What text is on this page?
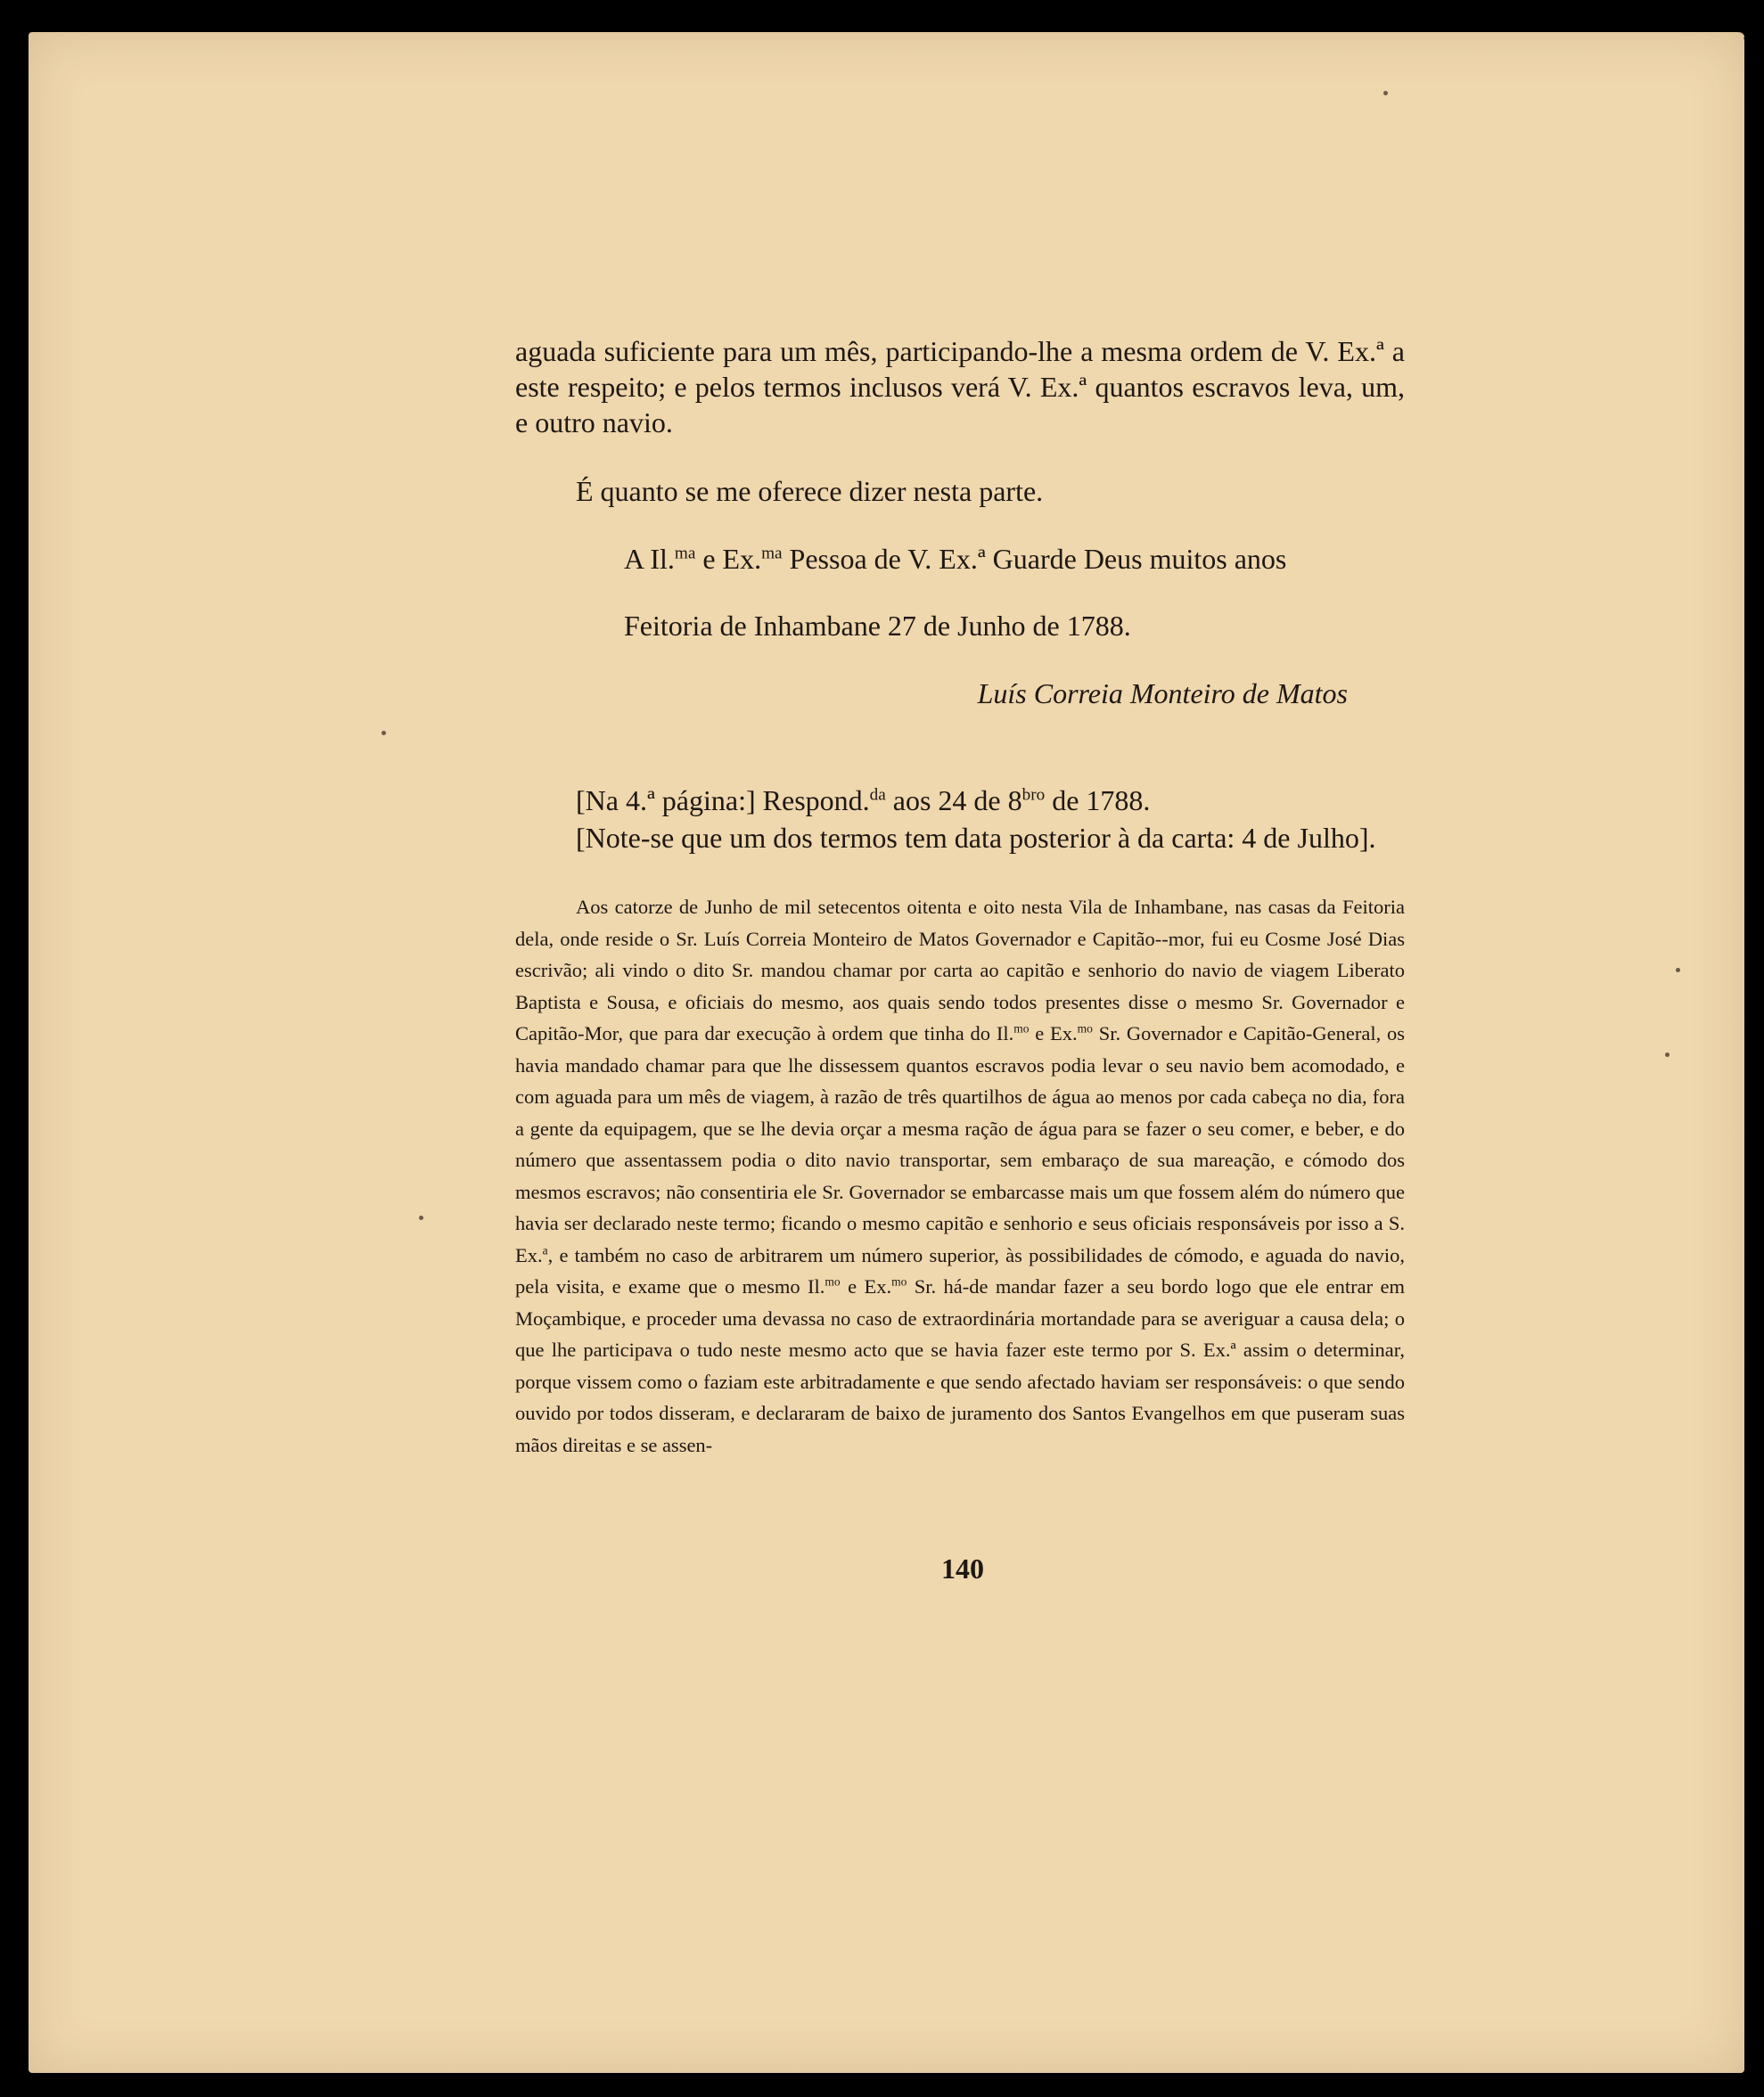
aguada suficiente para um mês, participando-lhe a mesma ordem de V. Ex.ª a este respeito; e pelos termos inclusos verá V. Ex.ª quantos escravos leva, um, e outro navio.
É quanto se me oferece dizer nesta parte.
A Il.$^{ma}$ e Ex.$^{ma}$ Pessoa de V. Ex.ª Guarde Deus muitos anos
Feitoria de Inhambane 27 de Junho de 1788.
Luís Correia Monteiro de Matos
[Na 4.ª página:] Respond.$^{da}$ aos 24 de $8^{bro}$ de 1788.
[Note-se que um dos termos tem data posterior à da carta: 4 de Julho].

Aos catorze de Junho de mil setecentos oitenta e oito nesta Vila de Inhambane, nas casas da Feitoria dela, onde reside o Sr. Luís Correia Monteiro de Matos Governador e Capitão--mor, fui eu Cosme José Dias escrivão; ali vindo o dito Sr. mandou chamar por carta ao capitão e senhorio do navio de viagem Liberato Baptista e Sousa, e oficiais do mesmo, aos quais sendo todos presentes disse o mesmo Sr. Governador e Capitão-Mor, que para dar execução à ordem que tinha do Il.$^{mo}$ e Ex.$^{mo}$ Sr. Governador e Capitão-General, os havia mandado chamar para que lhe dissessem quantos escravos podia levar o seu navio bem acomodado, e com aguada para um mês de viagem, à razão de três quartilhos de água ao menos por cada cabeça no dia, fora a gente da equipagem, que se lhe devia orçar a mesma ração de água para se fazer o seu comer, e beber, e do número que assentassem podia o dito navio transportar, sem embaraço de sua mareação, e cómodo dos mesmos escravos; não consentiria ele Sr. Governador se embarcasse mais um que fossem além do número que havia ser declarado neste termo; ficando o mesmo capitão e senhorio e seus oficiais responsáveis por isso a S. Ex.$^a$, e também no caso de arbitrarem um número superior, às possibilidades de cómodo, e aguada do navio, pela visita, e exame que o mesmo Il.$^{mo}$ e Ex.$^{mo}$ Sr. há-de mandar fazer a seu bordo logo que ele entrar em Moçambique, e proceder uma devassa no caso de extraordinária mortandade para se averiguar a causa dela; o que lhe participava o tudo neste mesmo acto que se havia fazer este termo por S. Ex.ª assim o determinar, porque vissem como o faziam este arbitradamente e que sendo afectado haviam ser responsáveis: o que sendo ouvido por todos disseram, e declararam de baixo de juramento dos Santos Evangelhos em que puseram suas mãos direitas e se assen-

140
